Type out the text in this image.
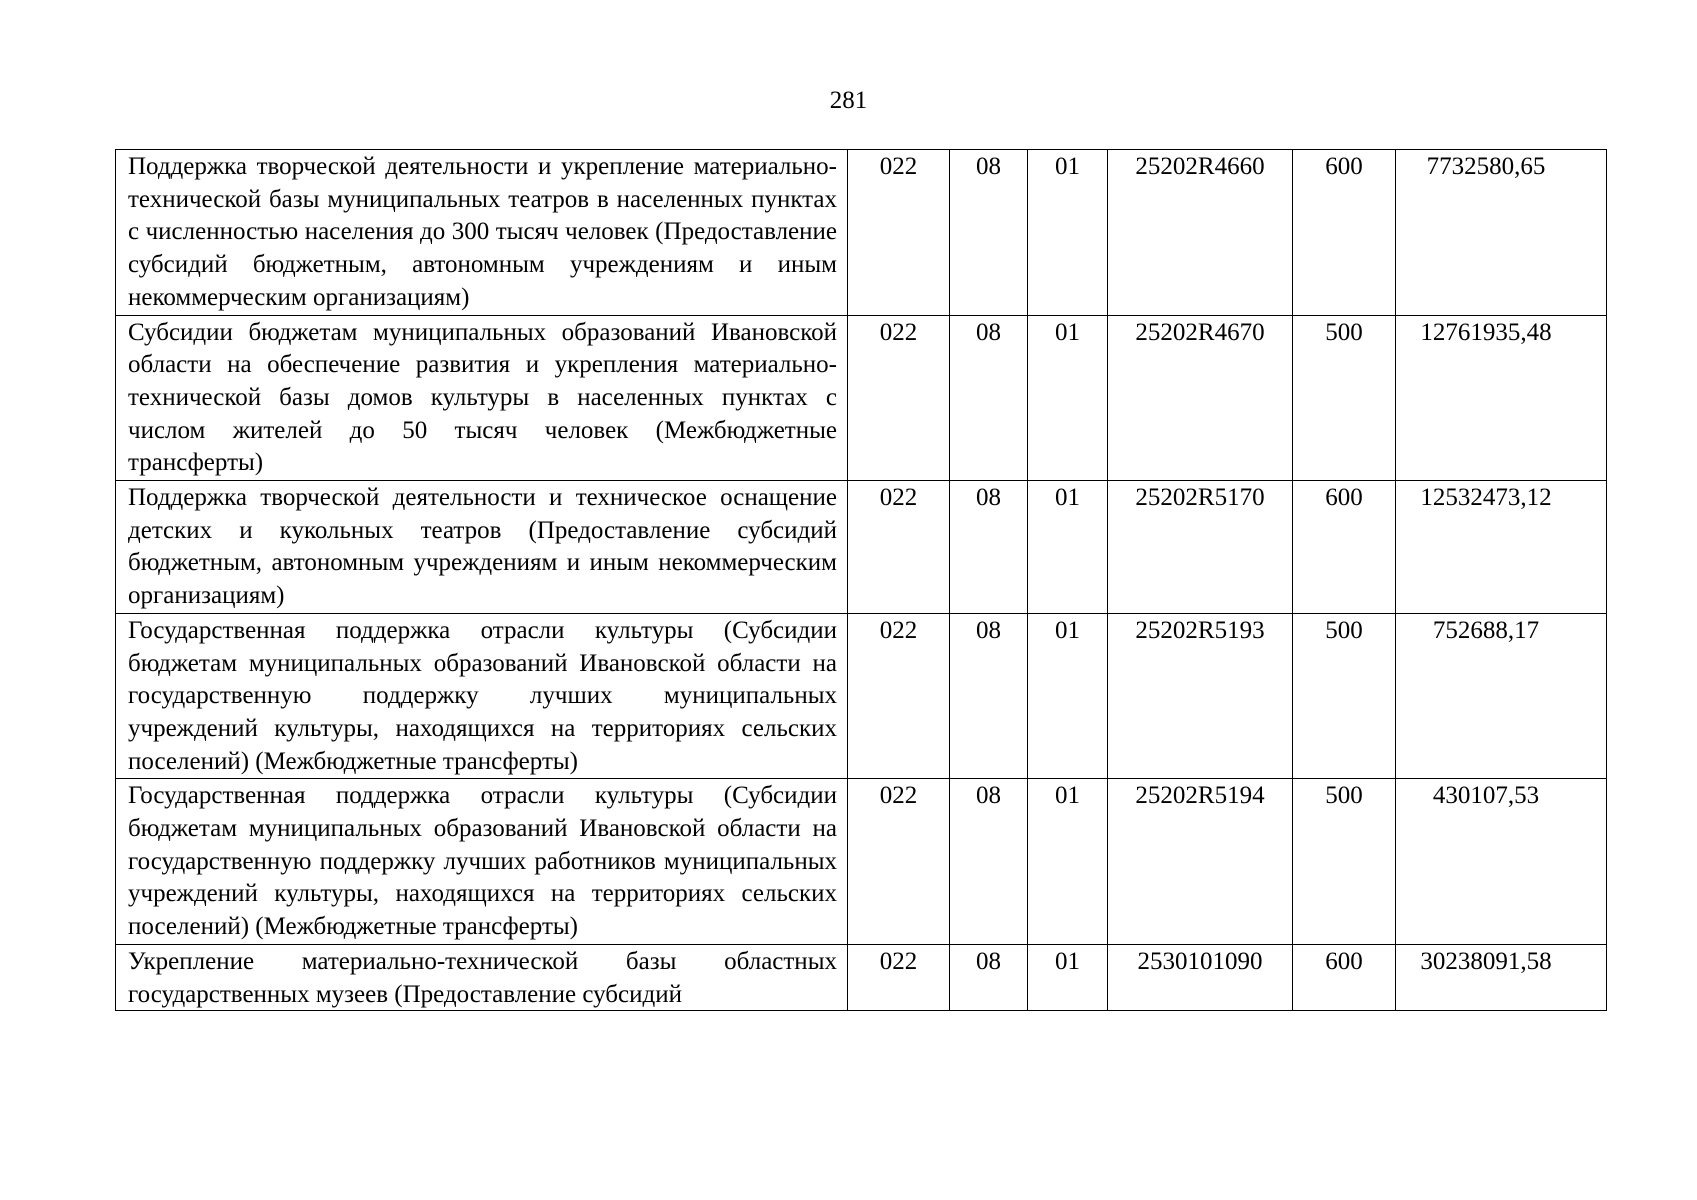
281
Поддержка творческой деятельности и укрепление материально-технической базы муниципальных театров в населенных пунктах с численностью населения до 300 тысяч человек (Предоставление субсидий бюджетным, автономным учреждениям и иным некоммерческим организациям)	022	08	01	25202R4660	600	7732580,65
Субсидии бюджетам муниципальных образований Ивановской области на обеспечение развития и укрепления материально-технической базы домов культуры в населенных пунктах с числом жителей до 50 тысяч человек (Межбюджетные трансферты)	022	08	01	25202R4670	500	12761935,48
Поддержка творческой деятельности и техническое оснащение детских и кукольных театров (Предоставление субсидий бюджетным, автономным учреждениям и иным некоммерческим организациям)	022	08	01	25202R5170	600	12532473,12
Государственная поддержка отрасли культуры (Субсидии бюджетам муниципальных образований Ивановской области на государственную поддержку лучших муниципальных учреждений культуры, находящихся на территориях сельских поселений) (Межбюджетные трансферты)	022	08	01	25202R5193	500	752688,17
Государственная поддержка отрасли культуры (Субсидии бюджетам муниципальных образований Ивановской области на государственную поддержку лучших работников муниципальных учреждений культуры, находящихся на территориях сельских поселений) (Межбюджетные трансферты)	022	08	01	25202R5194	500	430107,53

Укрепление материально-технической базы областных государственных музеев (Предоставление субсидий	022	08	01	2530101090	600	30238091,58
